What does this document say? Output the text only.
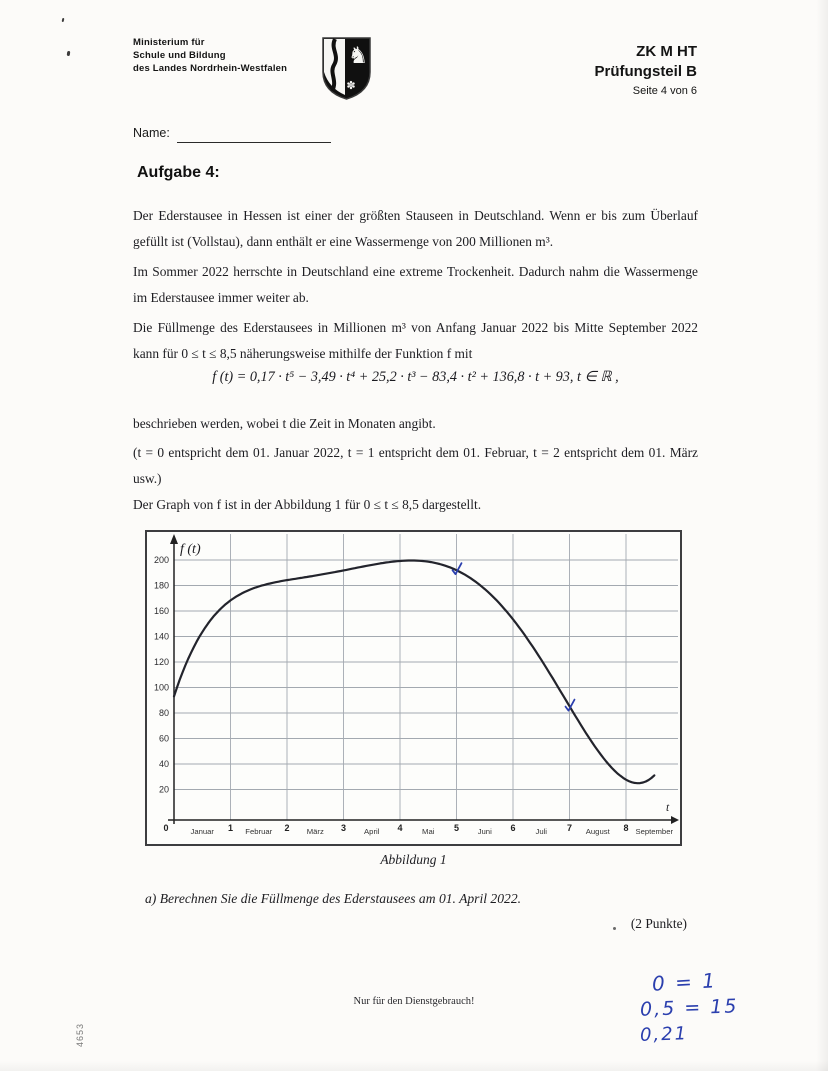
Ministerium für
Schule und Bildung
des Landes Nordrhein-Westfalen
♞
✽
ZK M HT
Prüfungsteil B
Seite 4 von 6
Name:
Aufgabe 4:
Der Ederstausee in Hessen ist einer der größten Stauseen in Deutschland. Wenn er bis zum Überlauf gefüllt ist (Vollstau), dann enthält er eine Wassermenge von 200 Millionen m³.
Im Sommer 2022 herrschte in Deutschland eine extreme Trockenheit. Dadurch nahm die Wassermenge im Ederstausee immer weiter ab.
Die Füllmenge des Ederstausees in Millionen m³ von Anfang Januar 2022 bis Mitte September 2022 kann für 0 ≤ t ≤ 8,5 näherungsweise mithilfe der Funktion f mit
f (t) = 0,17 · t⁵ − 3,49 · t⁴ + 25,2 · t³ − 83,4 · t² + 136,8 · t + 93, t ∈ ℝ ,
beschrieben werden, wobei t die Zeit in Monaten angibt.
(t = 0 entspricht dem 01. Januar 2022, t = 1 entspricht dem 01. Februar, t = 2 entspricht dem 01. März usw.)
Der Graph von f ist in der Abbildung 1 für 0 ≤ t ≤ 8,5 dargestellt.
20
40
60
80
100
120
140
160
180
200
0	1	2	3	4	5	6	7	8
Januar	Februar	März	April	Mai	Juni	Juli	August	September
f (t)
t
Abbildung 1
a) Berechnen Sie die Füllmenge des Ederstausees am 01. April 2022.
(2 Punkte)
Nur für den Dienstgebrauch!
4653
0 = 1
0,5 = 15
0,21
